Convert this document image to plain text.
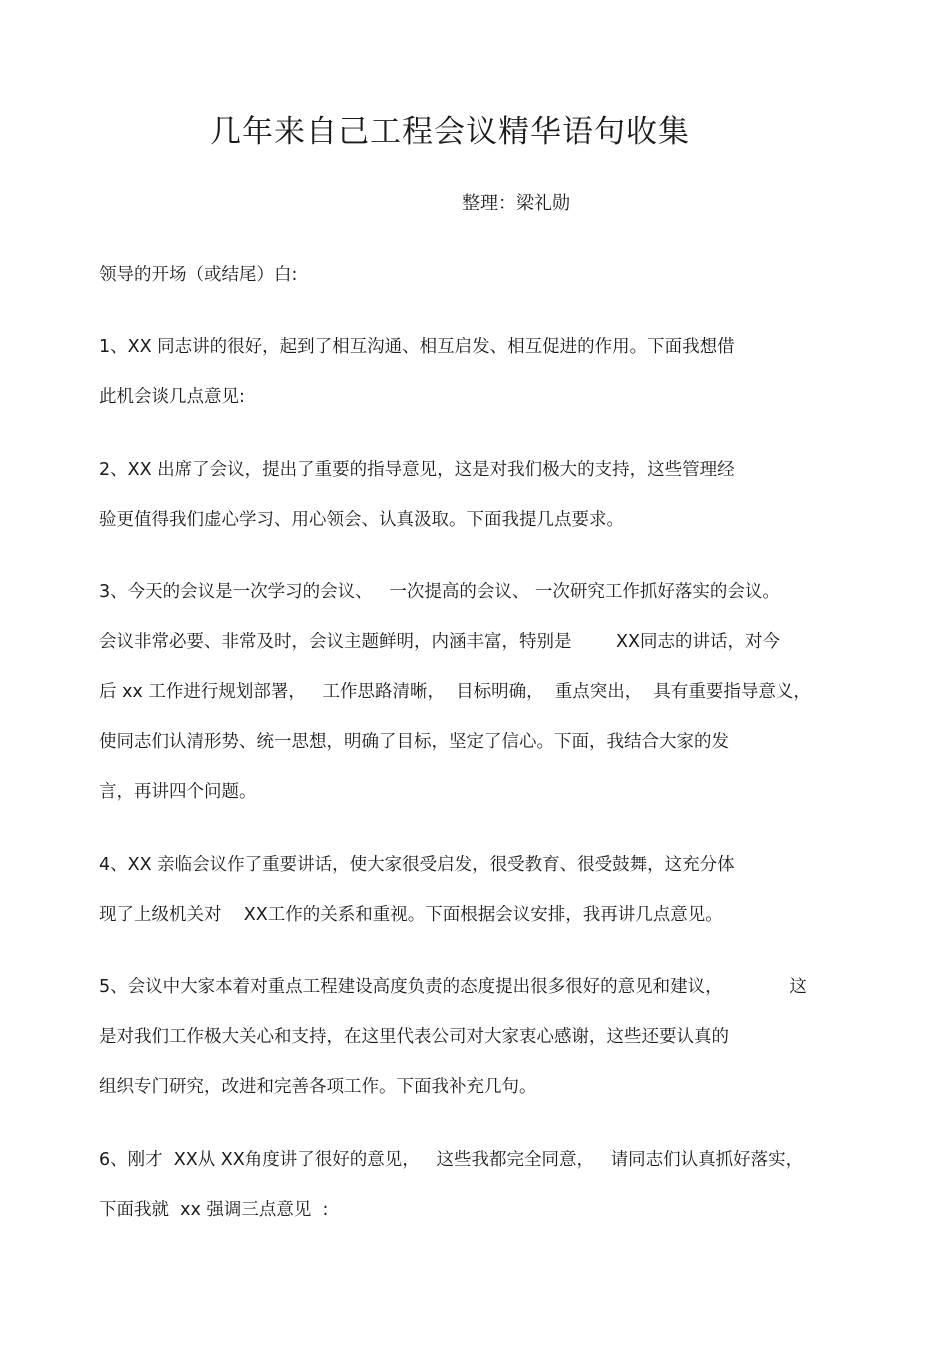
几年来自己工程会议精华语句收集
整理：梁礼勋
领导的开场（或结尾）白:
1、XX 同志讲的很好，起到了相互沟通、相互启发、相互促进的作用。下面我想借
此机会谈几点意见:
2、XX 出席了会议，提出了重要的指导意见，这是对我们极大的支持，这些管理经
验更值得我们虚心学习、用心领会、认真汲取。下面我提几点要求。
3、今天的会议是一次学习的会议、   一次提高的会议、 一次研究工作抓好落实的会议。
会议非常必要、非常及时，会议主题鲜明，内涵丰富，特别是        XX同志的讲话，对今
后 xx 工作进行规划部署，   工作思路清晰，  目标明确，  重点突出，  具有重要指导意义，
使同志们认清形势、统一思想，明确了目标，坚定了信心。下面，我结合大家的发
言，再讲四个问题。
4、XX 亲临会议作了重要讲话，使大家很受启发，很受教育、很受鼓舞，这充分体
现了上级机关对    XX工作的关系和重视。下面根据会议安排，我再讲几点意见。
5、会议中大家本着对重点工程建设高度负责的态度提出很多很好的意见和建议，            这
是对我们工作极大关心和支持，在这里代表公司对大家衷心感谢，这些还要认真的
组织专门研究，改进和完善各项工作。下面我补充几句。
6、刚才  XX从 XX角度讲了很好的意见，   这些我都完全同意，   请同志们认真抓好落实，
下面我就  xx 强调三点意见  :
